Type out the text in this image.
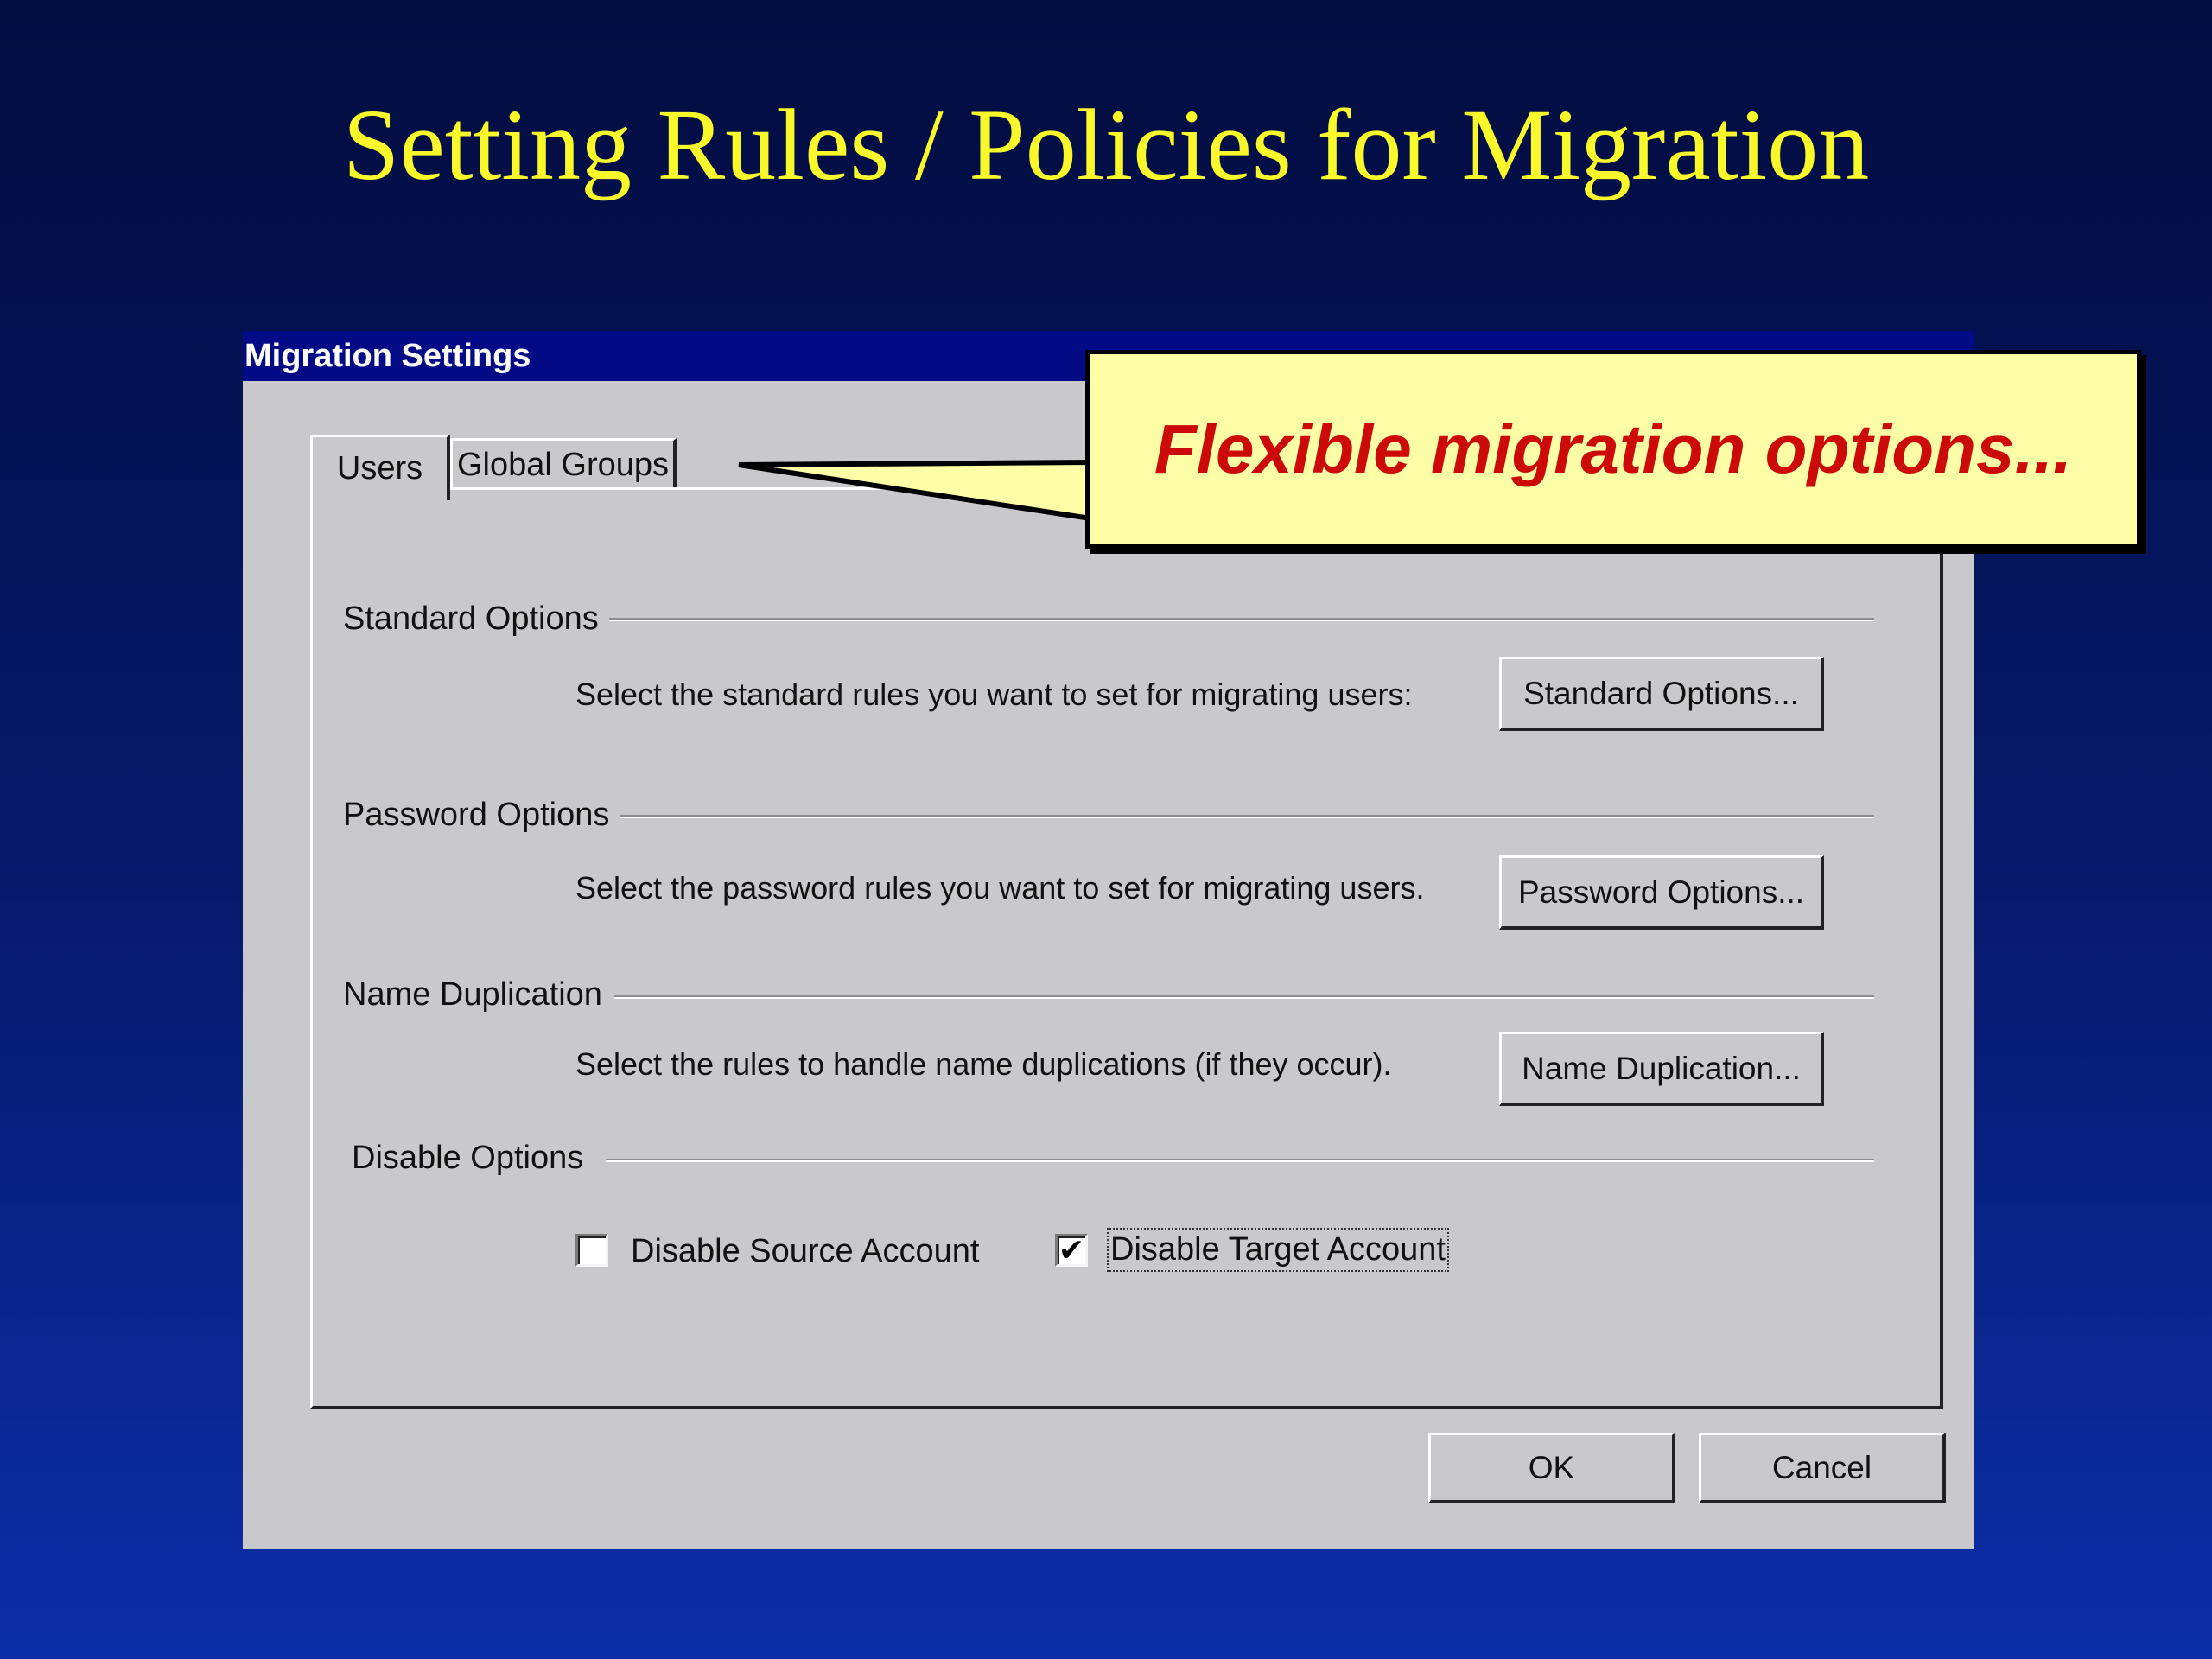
Setting Rules / Policies for Migration
Migration Settings
Users Global Groups
Standard Options
Select the standard rules you want to set for migrating users:	Standard Options...
Password Options
Select the password rules you want to set for migrating users.	Password Options...
Name Duplication
Select the rules to handle name duplications (if they occur).	Name Duplication...
Disable Options
Disable Source Account	✔ Disable Target Account
OK	Cancel
Flexible migration options...
